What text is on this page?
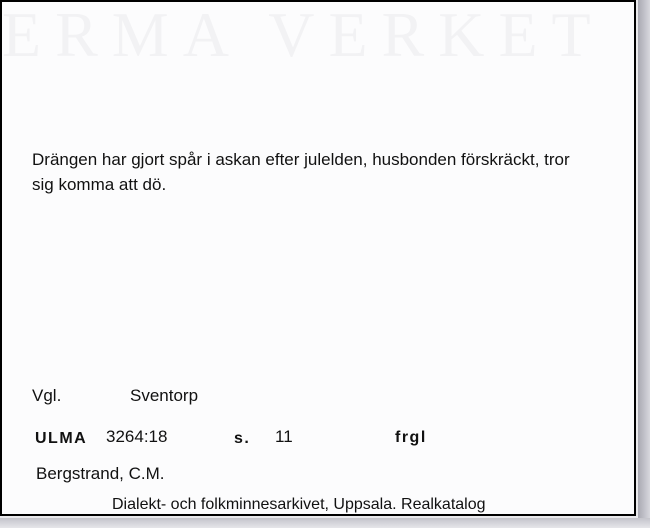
ERMA VERKET
Drängen har gjort spår i askan efter julelden, husbonden förskräckt, tror sig komma att dö.
Vgl.	Sventorp
ULMA 3264:18	s. 11	frgl
Bergstrand, C.M.
Dialekt- och folkminnesarkivet, Uppsala. Realkatalog
